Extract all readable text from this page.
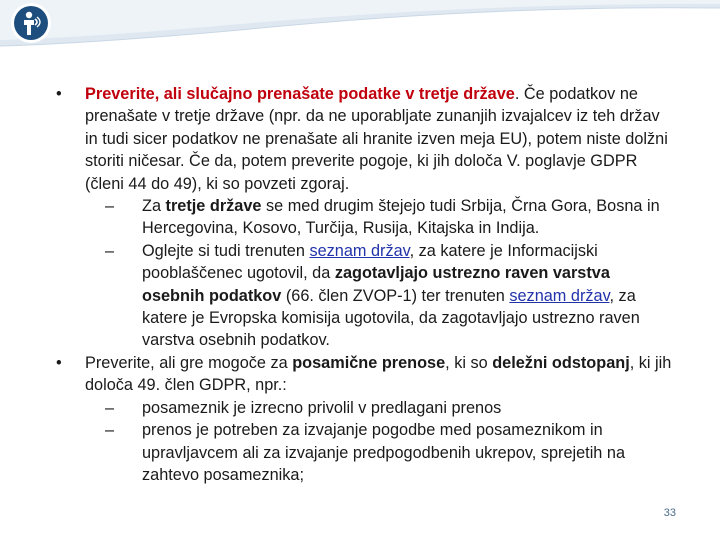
•	Preverite, ali slučajno prenašate podatke v tretje države. Če podatkov ne prenašate v tretje države (npr. da ne uporabljate zunanjih izvajalcev iz teh držav in tudi sicer podatkov ne prenašate ali hranite izven meja EU), potem niste dolžni storiti ničesar. Če da, potem preverite pogoje, ki jih določa V. poglavje GDPR (členi 44 do 49), ki so povzeti zgoraj.
– Za tretje države se med drugim štejejo tudi Srbija, Črna Gora, Bosna in Hercegovina, Kosovo, Turčija, Rusija, Kitajska in Indija.
– Oglejte si tudi trenuten seznam držav, za katere je Informacijski pooblaščenec ugotovil, da zagotavljajo ustrezno raven varstva osebnih podatkov (66. člen ZVOP-1) ter trenuten seznam držav, za katere je Evropska komisija ugotovila, da zagotavljajo ustrezno raven varstva osebnih podatkov.
•	Preverite, ali gre mogoče za posamične prenose, ki so deležni odstopanj, ki jih določa 49. člen GDPR, npr.:
– posameznik je izrecno privolil v predlagani prenos
– prenos je potreben za izvajanje pogodbe med posameznikom in upravljavcem ali za izvajanje predpogodbenih ukrepov, sprejetih na zahtevo posameznika;
33
